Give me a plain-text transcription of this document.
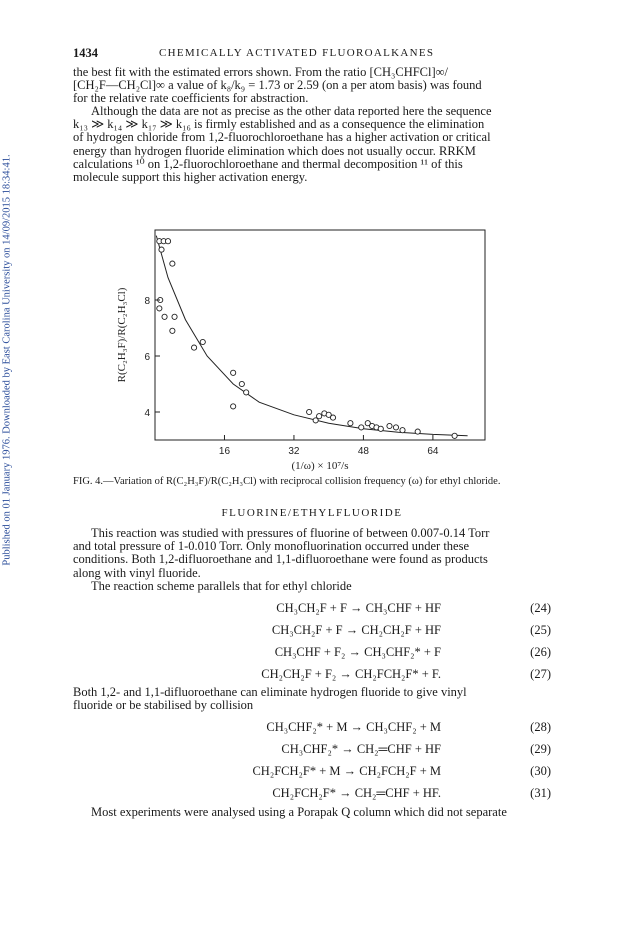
Published on 01 January 1976. Downloaded by East Carolina University on 14/09/2015 18:34:41.
1434	CHEMICALLY ACTIVATED FLUOROALKANES

the best fit with the estimated errors shown. From the ratio [CH₃CHFCl]∞/

[CH₂F—CH₂Cl]∞ a value of k₈/k₉ = 1.73 or 2.59 (on a per atom basis) was found

for the relative rate coefficients for abstraction.

Although the data are not as precise as the other data reported here the sequence

k₁₃ ≫ k₁₄ ≫ k₁₇ ≫ k₁₆ is firmly established and as a consequence the elimination

of hydrogen chloride from 1,2-fluorochloroethane has a higher activation or critical

energy than hydrogen fluoride elimination which does not usually occur. RRKM

calculations ¹⁰ on 1,2-fluorochloroethane and thermal decomposition ¹¹ of this

molecule support this higher activation energy.

R(C₂H₃F)/R(C₂H₃Cl)
(1/ω) × 10⁷/s
16	32	48	64
4
6
8
FIG. 4.—Variation of R(C₂H₃F)/R(C₂H₃Cl) with reciprocal collision frequency (ω) for ethyl chloride.
FLUORINE/ETHYLFLUORIDE

This reaction was studied with pressures of fluorine of between 0.007-0.14 Torr

and total pressure of 1-0.010 Torr. Only monofluorination occurred under these

conditions. Both 1,2-difluoroethane and 1,1-difluoroethane were found as products

along with vinyl fluoride.

The reaction scheme parallels that for ethyl chloride

CH₃CH₂F + F → CH₃CHF + HF	(24)
CH₃CH₂F + F → CH₂CH₂F + HF	(25)
CH₃CHF + F₂ → CH₃CHF₂* + F	(26)
CH₂CH₂F + F₂ → CH₂FCH₂F* + F.	(27)

Both 1,2- and 1,1-difluoroethane can eliminate hydrogen fluoride to give vinyl

fluoride or be stabilised by collision

CH₃CHF₂* + M → CH₃CHF₂ + M	(28)
CH₃CHF₂* → CH₂═CHF + HF	(29)
CH₂FCH₂F* + M → CH₂FCH₂F + M	(30)
CH₂FCH₂F* → CH₂═CHF + HF.	(31)

Most experiments were analysed using a Porapak Q column which did not separate
